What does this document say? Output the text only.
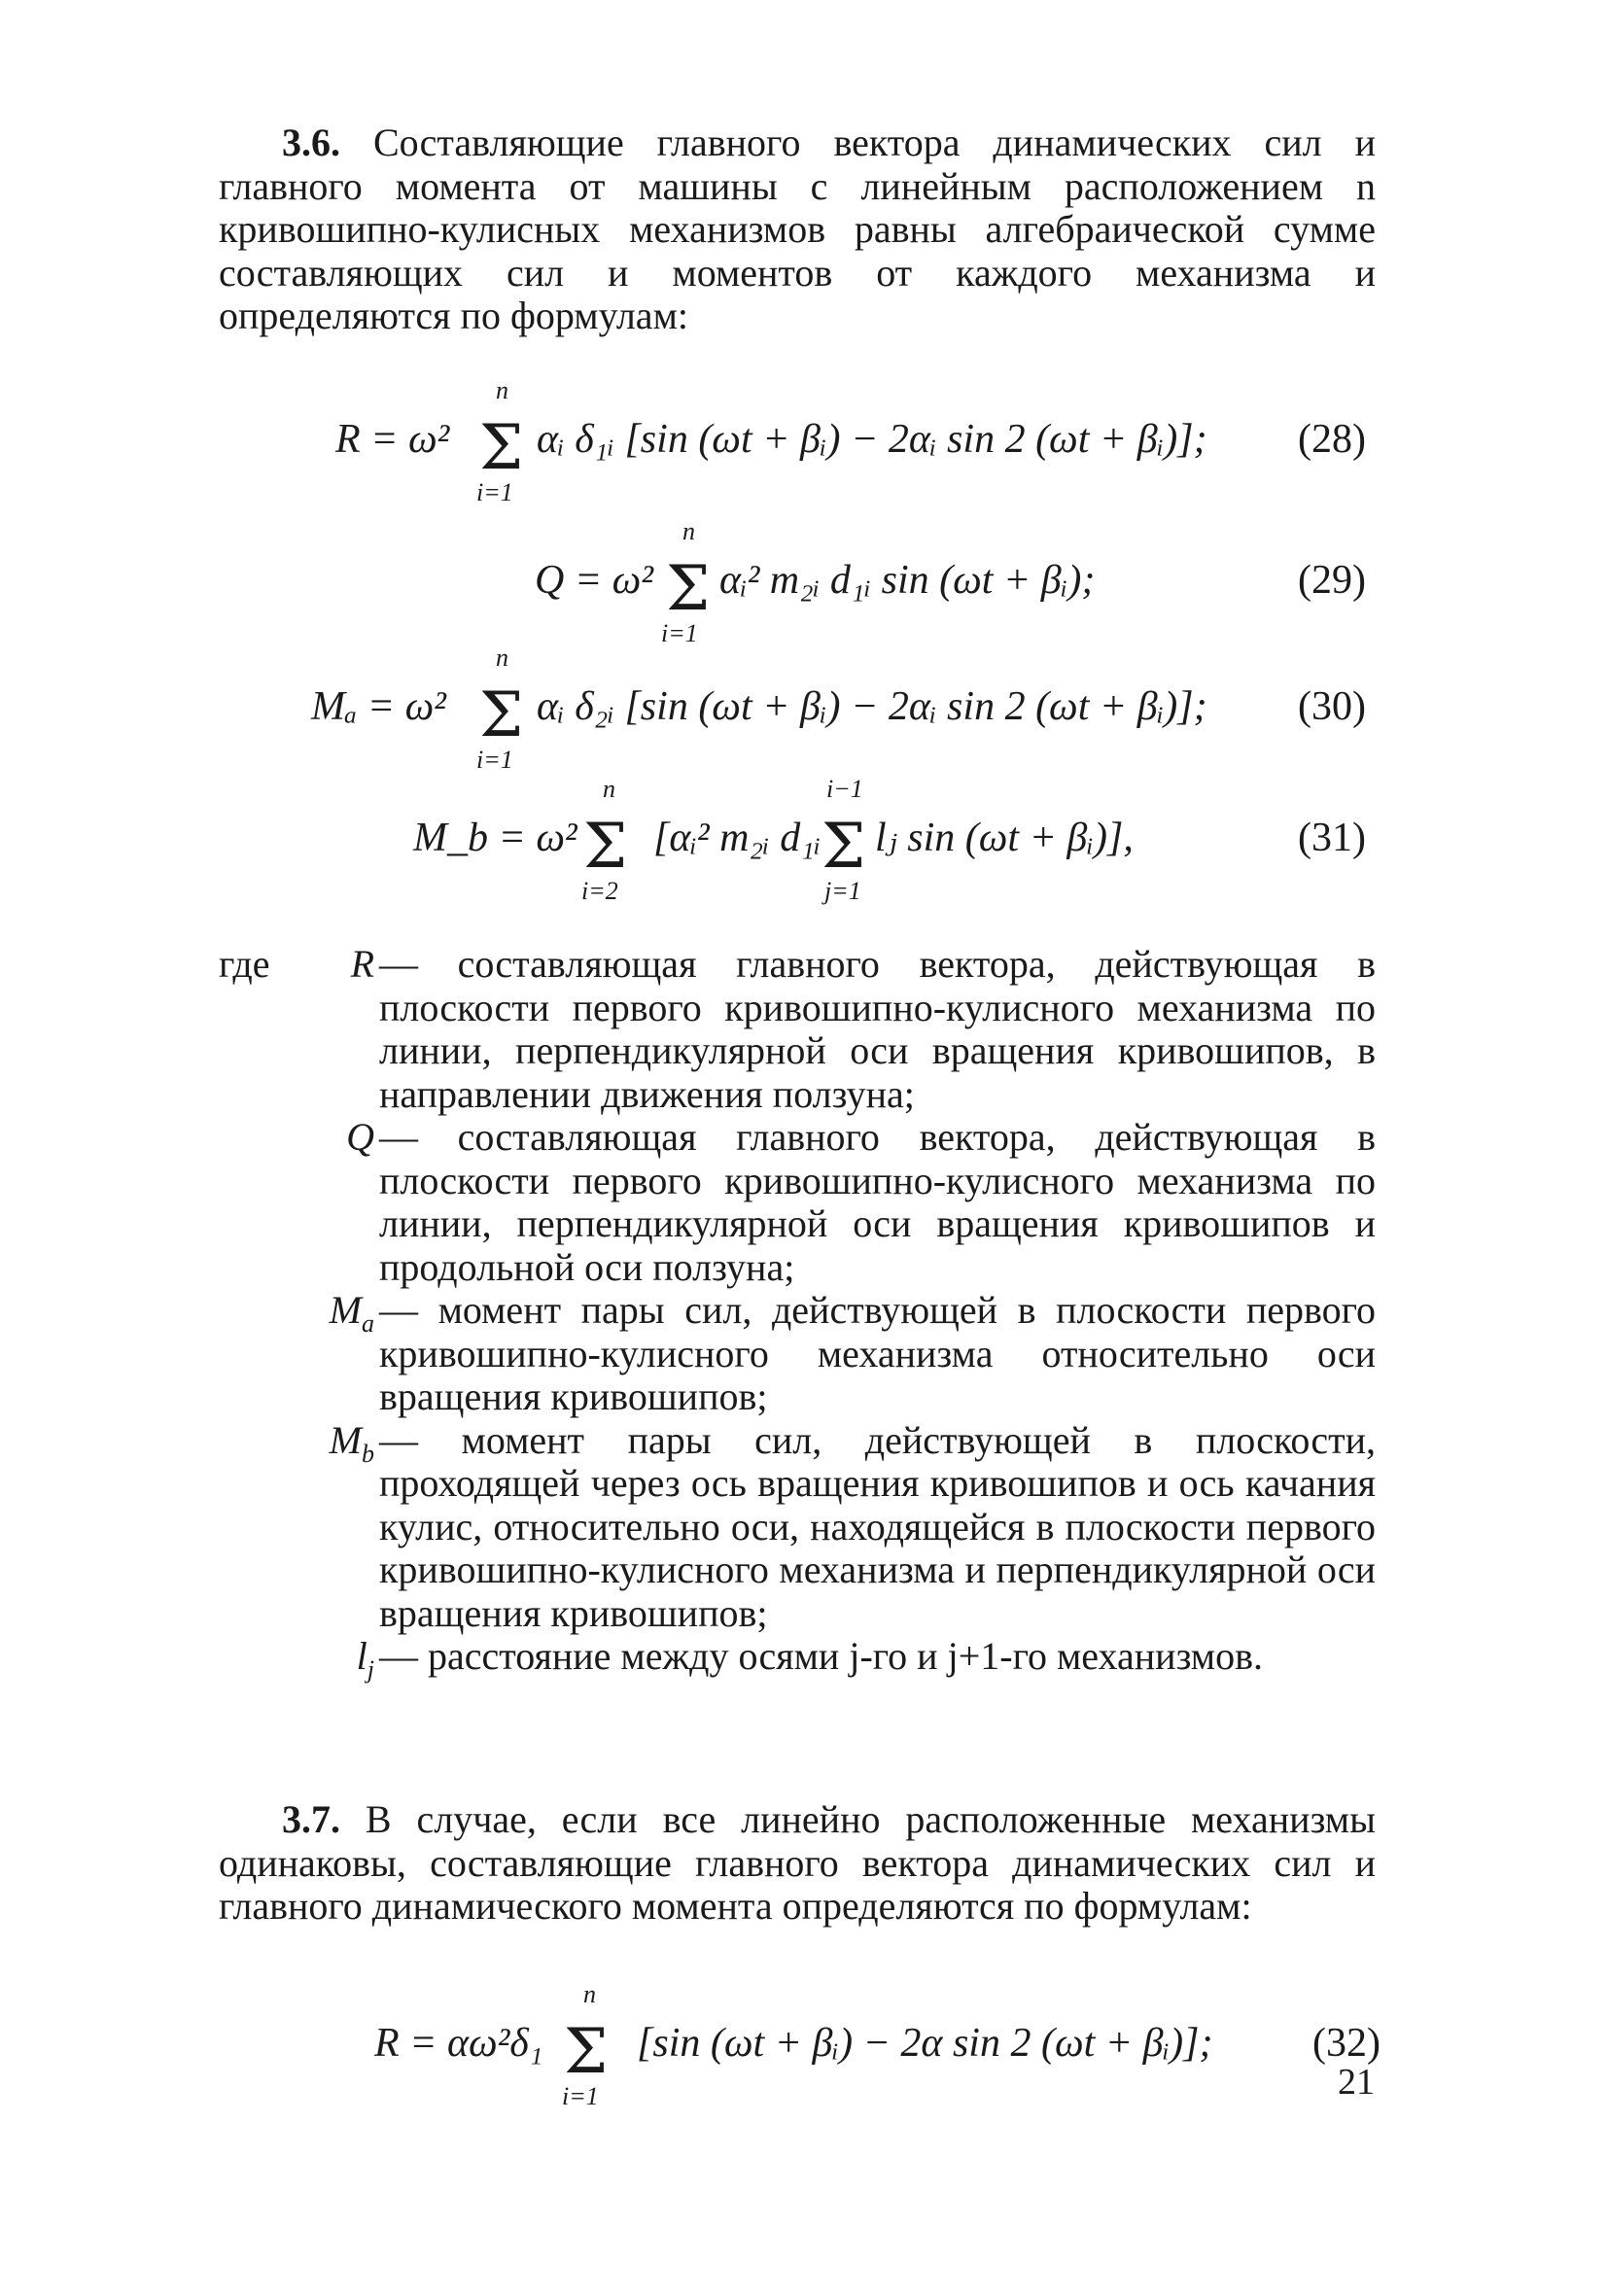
3.6. Составляющие главного вектора динамических сил и главного момента от машины с линейным расположением n кривошипно-кулисных механизмов равны алгебраической сумме составляющих сил и моментов от каждого механизма и определяются по формулам:
R = ω²
n
Σ
i=1
αᵢ δ₁ᵢ [sin (ωt + βᵢ) − 2αᵢ sin 2 (ωt + βᵢ)]; (28)
Q = ω²
n
Σ
i=1
αᵢ² m₂ᵢ d₁ᵢ sin (ωt + βᵢ);	(29)
Mₐ = ω²
n
Σ
i=1
αᵢ δ₂ᵢ [sin (ωt + βᵢ) − 2αᵢ sin 2 (ωt + βᵢ)]; (30)
M_b = ω²
n
Σ
i=2
[αᵢ² m₂ᵢ d₁ᵢ
i−1
Σ
j=1
lⱼ sin (ωt + βᵢ)],	(31)
где	R — составляющая главного вектора, действующая в плоскости первого кривошипно-кулисного механизма по линии, перпендикулярной оси вращения кривошипов, в направлении движения ползуна;
Q — составляющая главного вектора, действующая в плоскости первого кривошипно-кулисного механизма по линии, перпендикулярной оси вращения кривошипов и продольной оси ползуна;
$M_a$ — момент пары сил, действующей в плоскости первого кривошипно-кулисного механизма относительно оси вращения кривошипов;
$M_b$ — момент пары сил, действующей в плоскости, проходящей через ось вращения кривошипов и ось качания кулис, относительно оси, находящейся в плоскости первого кривошипно-кулисного механизма и перпендикулярной оси вращения кривошипов;
$l_j$ — расстояние между осями j-го и j+1-го механизмов.
3.7. В случае, если все линейно расположенные механизмы одинаковы, составляющие главного вектора динамических сил и главного динамического момента определяются по формулам:
R = αω²δ₁
n
Σ
i=1
[sin (ωt + βᵢ) − 2α sin 2 (ωt + βᵢ)]; (32)
21
